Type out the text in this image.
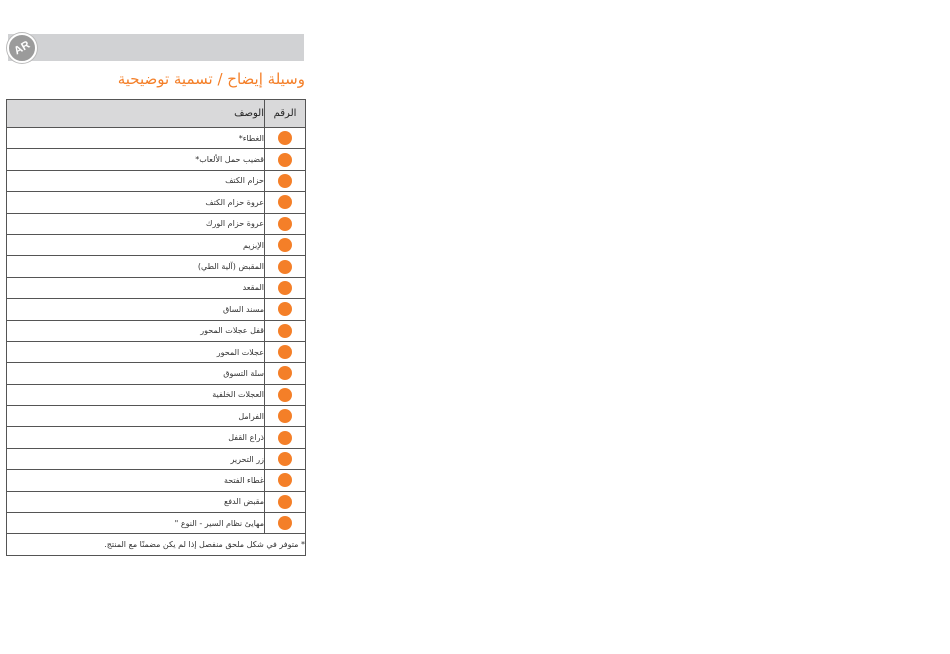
AR
وسيلة إيضاح / تسمية توضيحية
الرقم	الوصف
	الغطاء*
	قضيب حمل الألعاب*
	حزام الكتف
	عروة حزام الكتف
	عروة حزام الورك
	الإبزيم
	المقبض (آلية الطي)
	المقعد
	مسند الساق
	قفل عجلات المحور
	عجلات المحور
	سلة التسوق
	العجلات الخلفية
	الفرامل
	ذراع القفل
	زر التحرير
	غطاء الفتحة
	مقبض الدفع
	مهايئ نظام السير - النوع "
* متوفر في شكل ملحق منفصل إذا لم يكن مضمنًا مع المنتج.	
